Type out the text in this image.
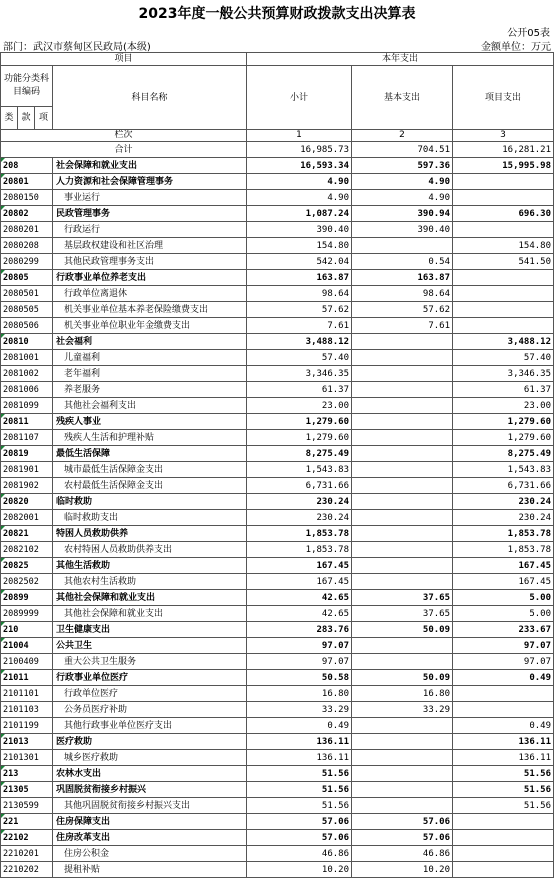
2023年度一般公共预算财政拨款支出决算表
公开05表
部门：武汉市蔡甸区民政局(本级)	金额单位：万元
项目				本年支出		
功能分类科目编码			科目名称	小计	基本支出	项目支出
类	款	项				
栏次				1	2	3
合计				16,985.73	704.51	16,281.21
208			社会保障和就业支出	16,593.34	597.36	15,995.98
20801			人力资源和社会保障管理事务	4.90	4.90	
2080150			事业运行	4.90	4.90	
20802			民政管理事务	1,087.24	390.94	696.30
2080201			行政运行	390.40	390.40	
2080208			基层政权建设和社区治理	154.80		154.80
2080299			其他民政管理事务支出	542.04	0.54	541.50
20805			行政事业单位养老支出	163.87	163.87	
2080501			行政单位离退休	98.64	98.64	
2080505			机关事业单位基本养老保险缴费支出	57.62	57.62	
2080506			机关事业单位职业年金缴费支出	7.61	7.61	
20810			社会福利	3,488.12		3,488.12
2081001			儿童福利	57.40		57.40
2081002			老年福利	3,346.35		3,346.35
2081006			养老服务	61.37		61.37
2081099			其他社会福利支出	23.00		23.00
20811			残疾人事业	1,279.60		1,279.60
2081107			残疾人生活和护理补贴	1,279.60		1,279.60
20819			最低生活保障	8,275.49		8,275.49
2081901			城市最低生活保障金支出	1,543.83		1,543.83
2081902			农村最低生活保障金支出	6,731.66		6,731.66
20820			临时救助	230.24		230.24
2082001			临时救助支出	230.24		230.24
20821			特困人员救助供养	1,853.78		1,853.78
2082102			农村特困人员救助供养支出	1,853.78		1,853.78
20825			其他生活救助	167.45		167.45
2082502			其他农村生活救助	167.45		167.45
20899			其他社会保障和就业支出	42.65	37.65	5.00
2089999			其他社会保障和就业支出	42.65	37.65	5.00
210			卫生健康支出	283.76	50.09	233.67
21004			公共卫生	97.07		97.07
2100409			重大公共卫生服务	97.07		97.07
21011			行政事业单位医疗	50.58	50.09	0.49
2101101			行政单位医疗	16.80	16.80	
2101103			公务员医疗补助	33.29	33.29	
2101199			其他行政事业单位医疗支出	0.49		0.49
21013			医疗救助	136.11		136.11
2101301			城乡医疗救助	136.11		136.11
213			农林水支出	51.56		51.56
21305			巩固脱贫衔接乡村振兴	51.56		51.56
2130599			其他巩固脱贫衔接乡村振兴支出	51.56		51.56
221			住房保障支出	57.06	57.06	
22102			住房改革支出	57.06	57.06	
2210201			住房公积金	46.86	46.86	
2210202			提租补贴	10.20	10.20	
